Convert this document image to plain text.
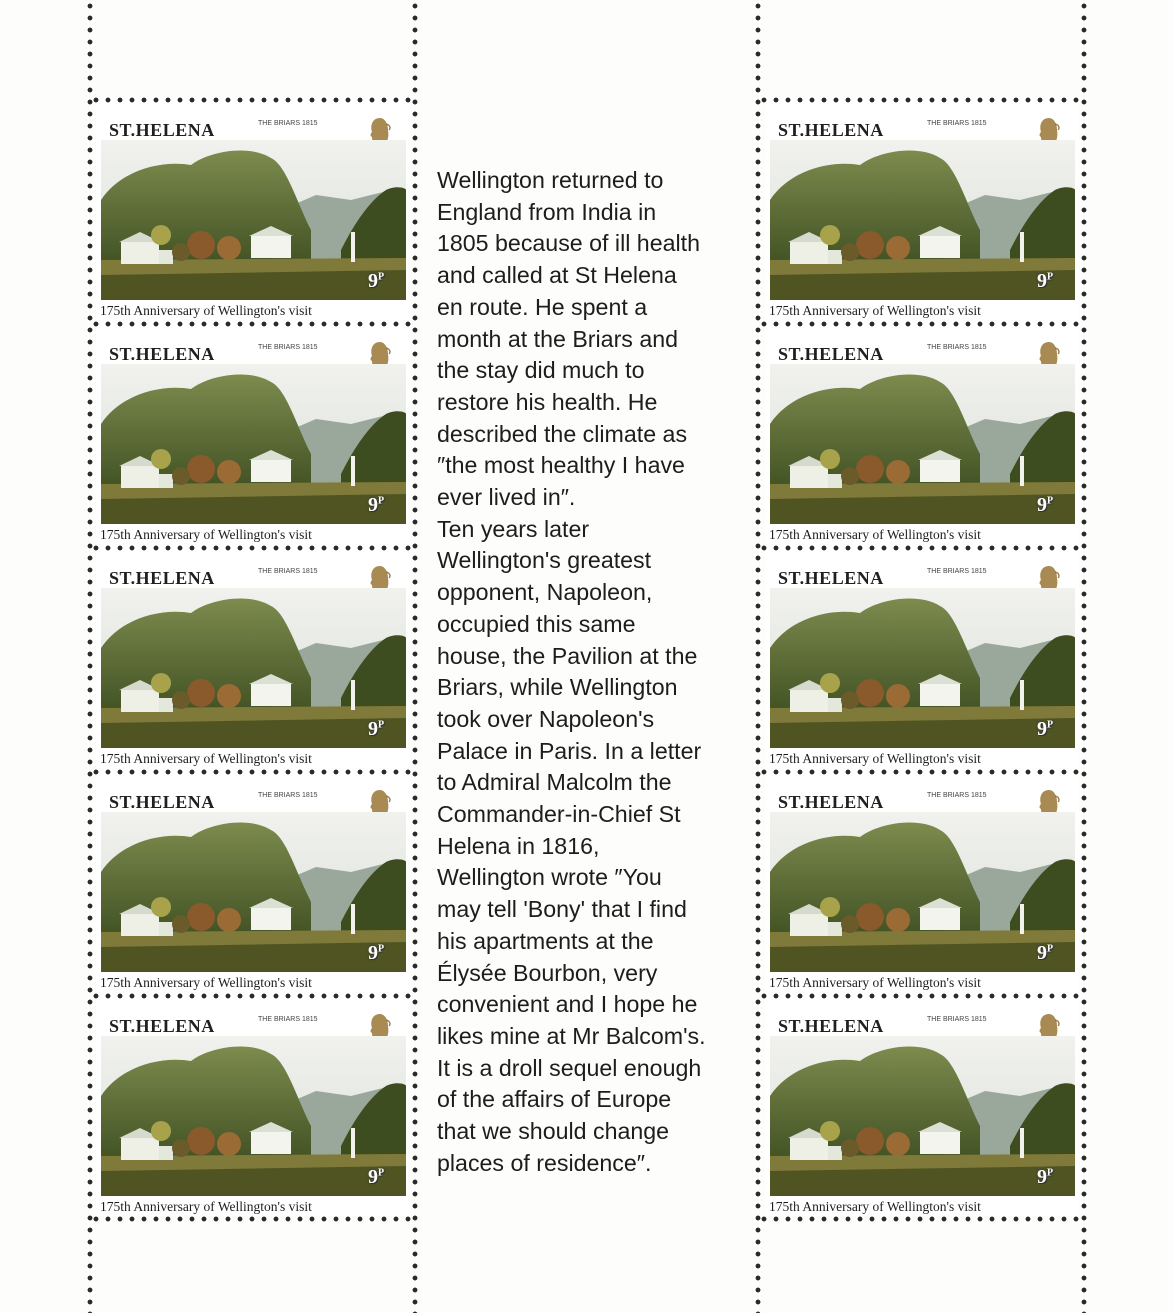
ST.HELENA	THE BRIARS 1815
$9^P$
175th Anniversary of Wellington's visit
ST.HELENA	THE BRIARS 1815
$9^P$
175th Anniversary of Wellington's visit
ST.HELENA	THE BRIARS 1815
$9^P$
175th Anniversary of Wellington's visit
ST.HELENA	THE BRIARS 1815
$9^P$
175th Anniversary of Wellington's visit
ST.HELENA	THE BRIARS 1815
$9^P$
175th Anniversary of Wellington's visit
ST.HELENA	THE BRIARS 1815
$9^P$
175th Anniversary of Wellington's visit
ST.HELENA	THE BRIARS 1815
$9^P$
175th Anniversary of Wellington's visit
ST.HELENA	THE BRIARS 1815
$9^P$
175th Anniversary of Wellington's visit
ST.HELENA	THE BRIARS 1815
$9^P$
175th Anniversary of Wellington's visit
ST.HELENA	THE BRIARS 1815
$9^P$
175th Anniversary of Wellington's visit
Wellington returned to
England from India in
1805 because of ill health
and called at St Helena
en route. He spent a
month at the Briars and
the stay did much to
restore his health. He
described the climate as
″the most healthy I have
ever lived in″.
Ten years later
Wellington's greatest
opponent, Napoleon,
occupied this same
house, the Pavilion at the
Briars, while Wellington
took over Napoleon's
Palace in Paris. In a letter
to Admiral Malcolm the
Commander-in-Chief St
Helena in 1816,
Wellington wrote ″You
may tell 'Bony' that I find
his apartments at the
Élysée Bourbon, very
convenient and I hope he
likes mine at Mr Balcom's.
It is a droll sequel enough
of the affairs of Europe
that we should change
places of residence″.
